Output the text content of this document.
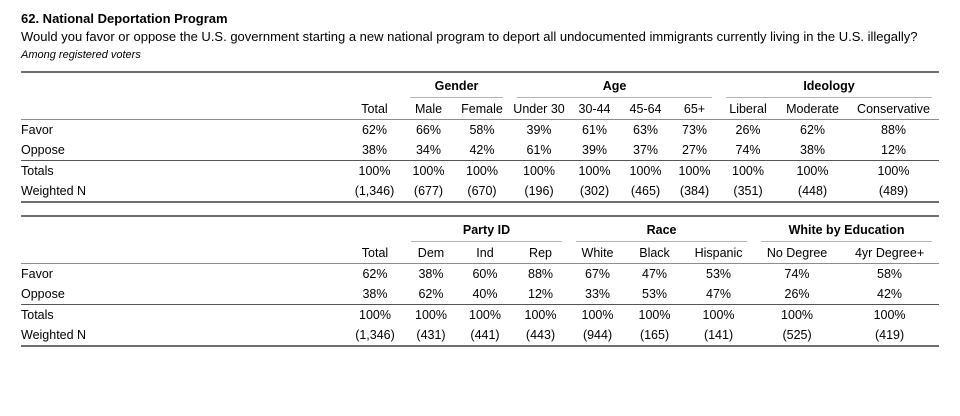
62. National Deportation Program
Would you favor or oppose the U.S. government starting a new national program to deport all undocumented immigrants currently living in the U.S. illegally?
Among registered voters

		Gender		Age				Ideology		

	Total	Male	Female	Under 30	30-44	45-64	65+	Liberal	Moderate	Conservative
Favor	62%	66%	58%	39%	61%	63%	73%	26%	62%	88%
Oppose	38%	34%	42%	61%	39%	37%	27%	74%	38%	12%
Totals	100%	100%	100%	100%	100%	100%	100%	100%	100%	100%
Weighted N	(1,346)	(677)	(670)	(196)	(302)	(465)	(384)	(351)	(448)	(489)

		Party ID			Race			White by Education	

	Total	Dem	Ind	Rep	White	Black	Hispanic	No Degree	4yr Degree+
Favor	62%	38%	60%	88%	67%	47%	53%	74%	58%
Oppose	38%	62%	40%	12%	33%	53%	47%	26%	42%
Totals	100%	100%	100%	100%	100%	100%	100%	100%	100%
Weighted N	(1,346)	(431)	(441)	(443)	(944)	(165)	(141)	(525)	(419)
